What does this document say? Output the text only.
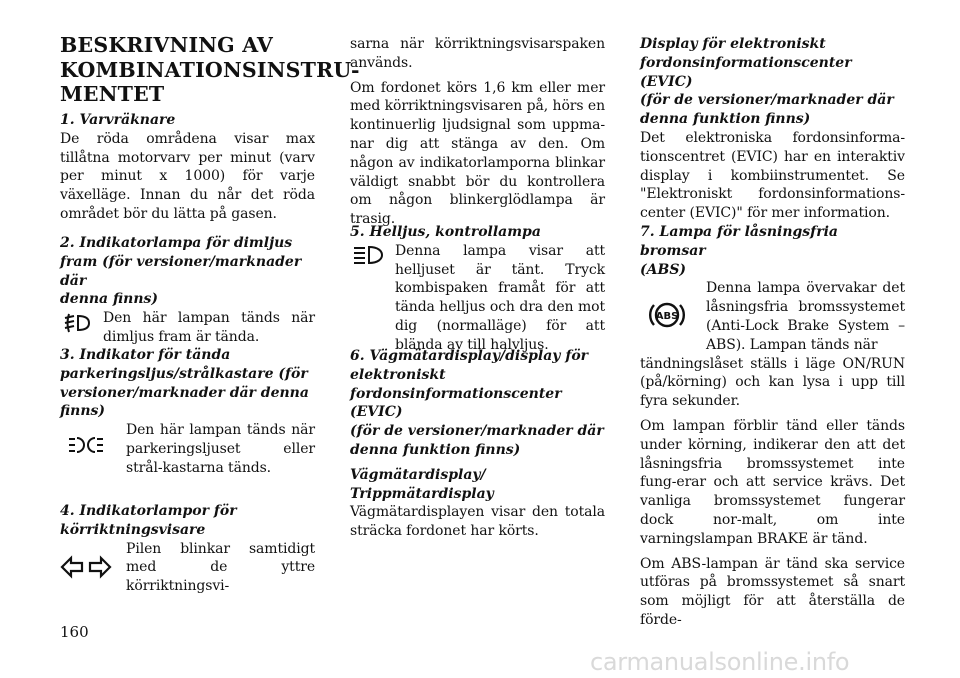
BESKRIVNING AV
KOMBINATIONSINSTRU-
MENTET

1. Varvräknare

De röda områdena visar max tillåtna motorvarv per minut (varv per minut x 1000) för varje växelläge. Innan du når det röda området bör du lätta på gasen.

2. Indikatorlampa för dimljus
fram (för versioner/marknader där
denna finns)

Den här lampan tänds när dimljus fram är tända.

3. Indikator för tända
parkeringsljus/strålkastare (för
versioner/marknader där denna
finns)

Den här lampan tänds när parkeringsljuset eller strål-kastarna tänds.

4. Indikatorlampor för
körriktningsvisare

Pilen blinkar samtidigt med de yttre körriktningsvi-

sarna när körriktningsvisarspaken används.

Om fordonet körs 1,6 km eller mer med körriktningsvisaren på, hörs en kontinuerlig ljudsignal som uppma-nar dig att stänga av den. Om någon av indikatorlamporna blinkar väldigt snabbt bör du kontrollera om någon blinkerglödlampa är trasig.

5. Helljus, kontrollampa

Denna lampa visar att helljuset är tänt. Tryck kombispaken framåt för att tända helljus och dra den mot dig (normalläge) för att blända av till halvljus.

6. Vägmätardisplay/display för
elektroniskt
fordonsinformationscenter (EVIC)
(för de versioner/marknader där
denna funktion finns)

Vägmätardisplay/
Trippmätardisplay

Vägmätardisplayen visar den totala sträcka fordonet har körts.

Display för elektroniskt
fordonsinformationscenter (EVIC)
(för de versioner/marknader där
denna funktion finns)

Det elektroniska fordonsinforma-tionscentret (EVIC) har en interaktiv display i kombiinstrumentet. Se "Elektroniskt fordonsinformations-center (EVIC)" för mer information.

7. Lampa för låsningsfria bromsar
(ABS)

ABS

Denna lampa övervakar det låsningsfria bromssystemet (Anti-Lock Brake System – ABS). Lampan tänds när

tändningslåset ställs i läge ON/RUN (på/körning) och kan lysa i upp till fyra sekunder.

Om lampan förblir tänd eller tänds under körning, indikerar den att det låsningsfria bromssystemet inte fung-erar och att service krävs. Det vanliga bromssystemet fungerar dock nor-malt, om inte varningslampan BRAKE är tänd.

Om ABS-lampan är tänd ska service utföras på bromssystemet så snart som möjligt för att återställa de förde-

160
carmanualsonline.info
